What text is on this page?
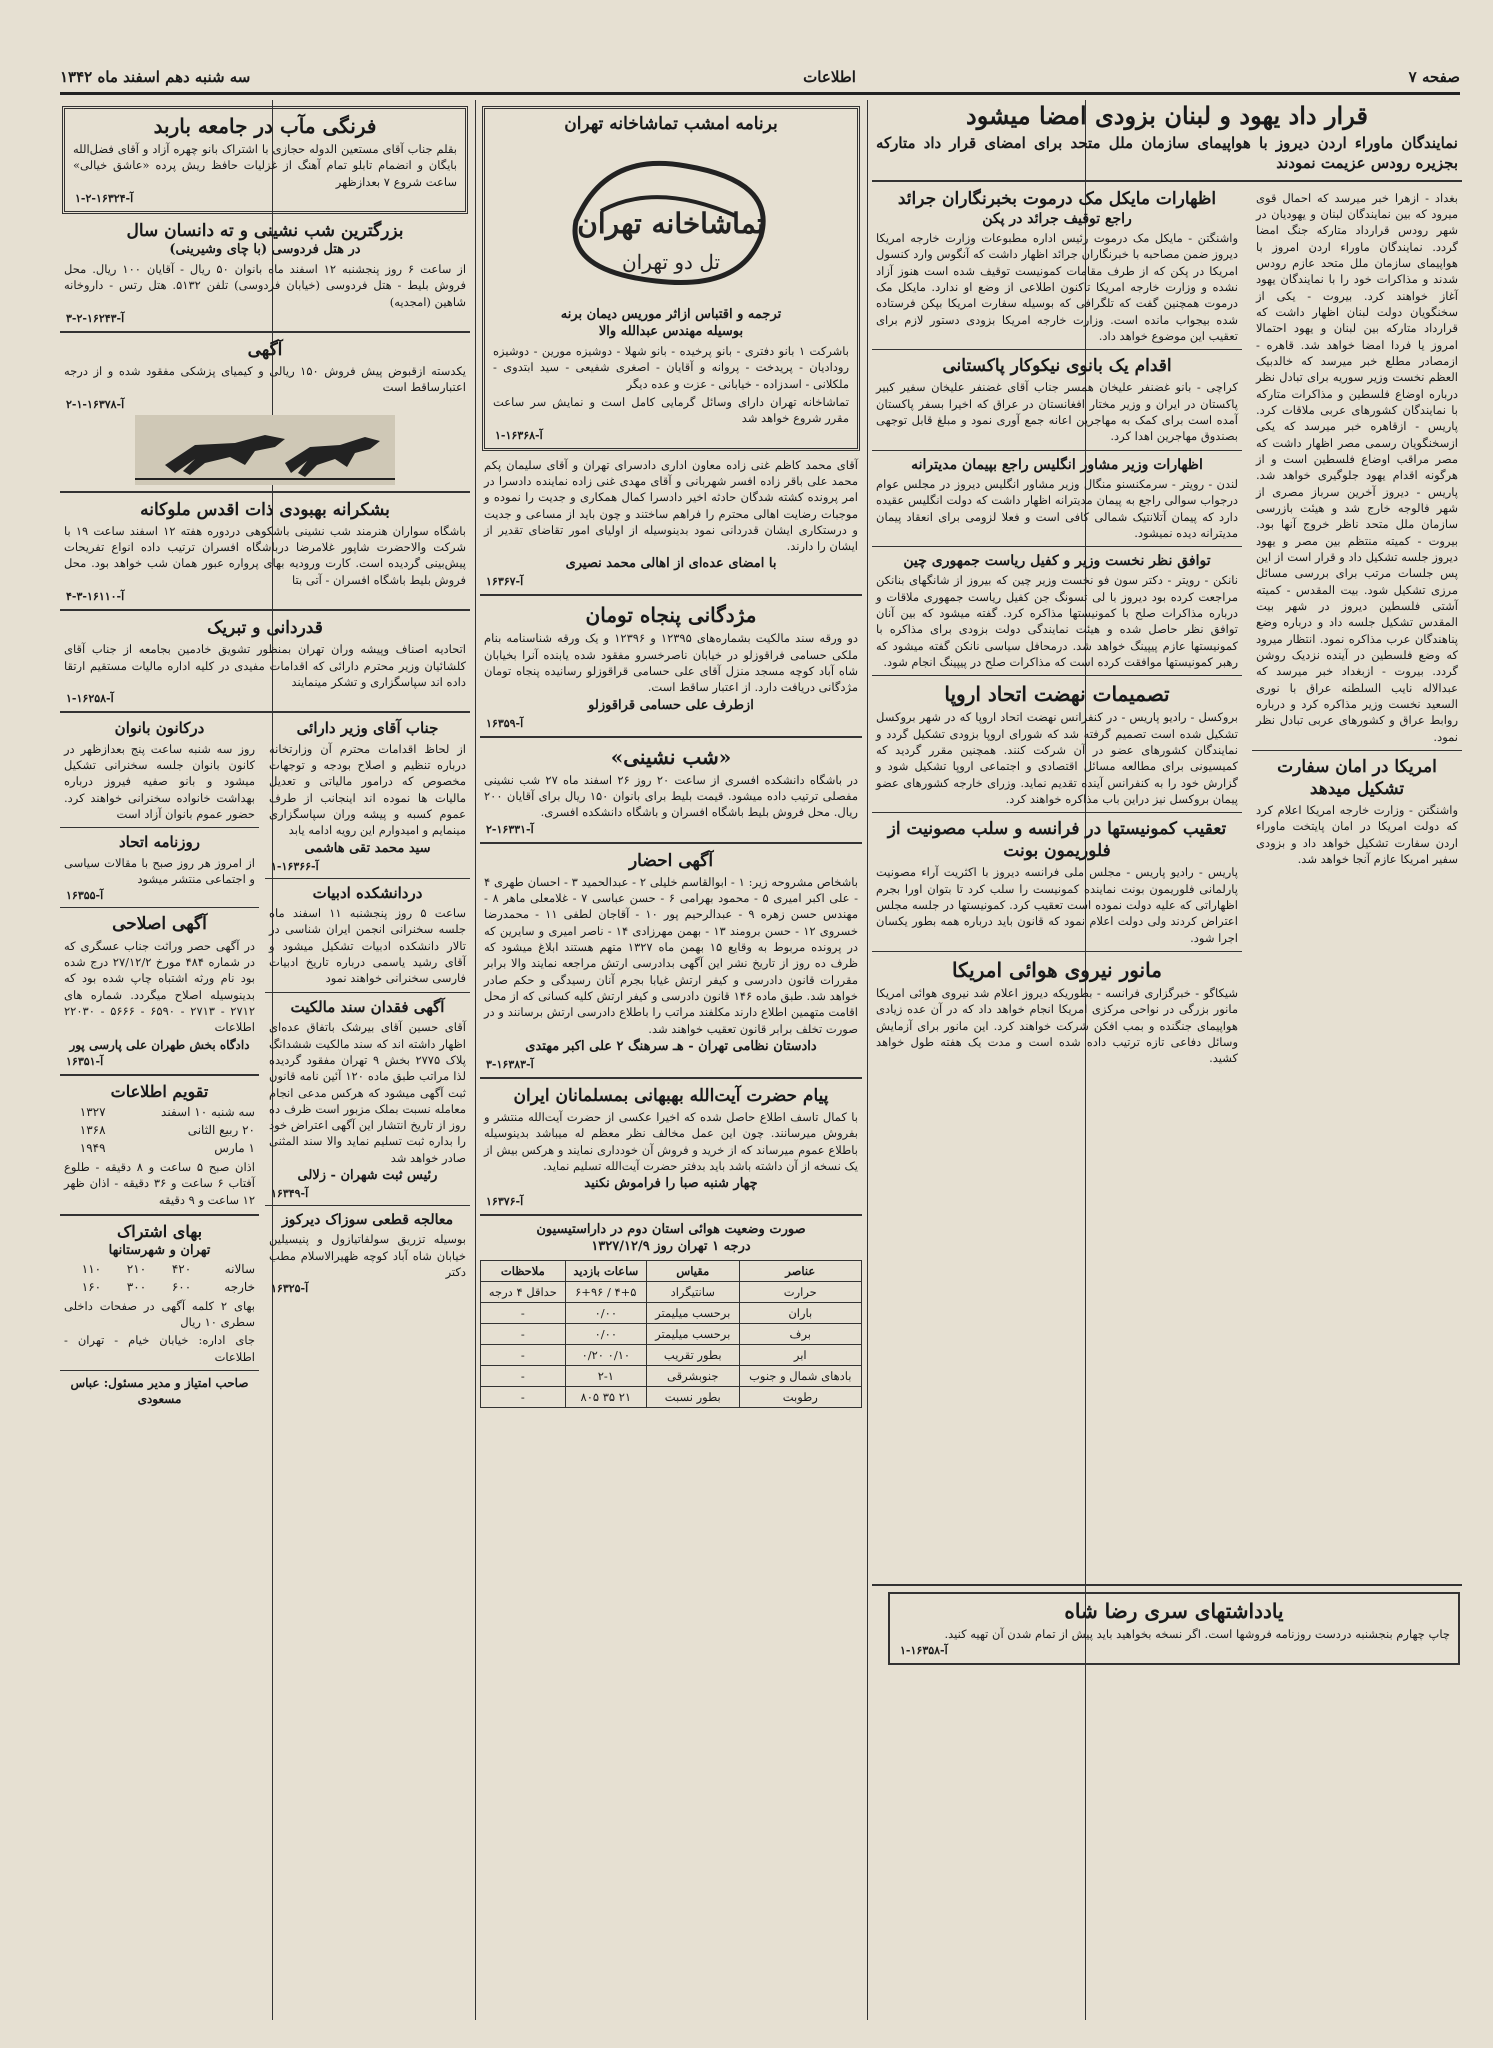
صفحه ۷
اطلاعات
سه شنبه دهم اسفند ماه ۱۳۴۲
قرار داد یهود و لبنان بزودی امضا میشود
نمایندگان ماوراء اردن دیروز با هواپیمای سازمان ملل متحد برای امضای قرار داد متارکه بجزیره رودس عزیمت نمودند
بغداد - ازهرا خبر میرسد که احمال قوی میرود که بین نمایندگان لبنان و یهودیان در شهر رودس قرارداد متارکه جنگ امضا گردد. نمایندگان ماوراء اردن امروز با هواپیمای سازمان ملل متحد عازم رودس شدند و مذاکرات خود را با نمایندگان یهود آغاز خواهند کرد. بیروت - یکی از سخنگویان دولت لبنان اظهار داشت که قرارداد متارکه بین لبنان و یهود احتمالا امروز یا فردا امضا خواهد شد. قاهره - ازمصادر مطلع خبر میرسد که خالدبیک العظم نخست وزیر سوریه برای تبادل نظر درباره اوضاع فلسطین و مذاکرات متارکه با نمایندگان کشورهای عربی ملاقات کرد. پاریس - ازقاهره خبر میرسد که یکی ازسخنگویان رسمی مصر اظهار داشت که مصر مراقب اوضاع فلسطین است و از هرگونه اقدام یهود جلوگیری خواهد شد. پاریس - دیروز آخرین سرباز مصری از شهر فالوجه خارج شد و هیئت بازرسی سازمان ملل متحد ناظر خروج آنها بود. بیروت - کمیته منتظم بین مصر و یهود دیروز جلسه تشکیل داد و قرار است از این پس جلسات مرتب برای بررسی مسائل مرزی تشکیل شود. بیت المقدس - کمیته آشتی فلسطین دیروز در شهر بیت المقدس تشکیل جلسه داد و درباره وضع پناهندگان عرب مذاکره نمود. انتظار میرود که وضع فلسطین در آینده نزدیک روشن گردد. بیروت - ازبغداد خبر میرسد که عبدالاله نایب السلطنه عراق با نوری السعید نخست وزیر مذاکره کرد و درباره روابط عراق و کشورهای عربی تبادل نظر نمود.
امریکا در امان سفارت تشکیل میدهد
واشنگتن - وزارت خارجه امریکا اعلام کرد که دولت امریکا در امان پایتخت ماوراء اردن سفارت تشکیل خواهد داد و بزودی سفیر امریکا عازم آنجا خواهد شد.
اظهارات مایکل مک درموت بخبرنگاران جرائد
راجع توقیف جرائد در پکن
واشنگتن - مایکل مک درموت رئیس اداره مطبوعات وزارت خارجه امریکا دیروز ضمن مصاحبه با خبرنگاران جرائد اظهار داشت که آنگوس وارد کنسول امریکا در پکن که از طرف مقامات کمونیست توقیف شده است هنوز آزاد نشده و وزارت خارجه امریکا تاکنون اطلاعی از وضع او ندارد. مایکل مک درموت همچنین گفت که تلگرافی که بوسیله سفارت امریکا بپکن فرستاده شده بیجواب مانده است. وزارت خارجه امریکا بزودی دستور لازم برای تعقیب این موضوع خواهد داد.
اقدام یک بانوی نیکوکار پاکستانی
کراچی - بانو غضنفر علیخان همسر جناب آقای غضنفر علیخان سفیر کبیر پاکستان در ایران و وزیر مختار افغانستان در عراق که اخیرا بسفر پاکستان آمده است برای کمک به مهاجرین اعانه جمع آوری نمود و مبلغ قابل توجهی بصندوق مهاجرین اهدا کرد.
اظهارات وزیر مشاور انگلیس راجع بپیمان مدیترانه
لندن - رویتر - سرمکنسنو منگال وزیر مشاور انگلیس دیروز در مجلس عوام درجواب سوالی راجع به پیمان مدیترانه اظهار داشت که دولت انگلیس عقیده دارد که پیمان آتلانتیک شمالی کافی است و فعلا لزومی برای انعقاد پیمان مدیترانه دیده نمیشود.
توافق نظر نخست وزیر و کفیل ریاست جمهوری چین
نانکن - رویتر - دکتر سون فو نخست وزیر چین که بیروز از شانگهای بنانکن مراجعت کرده بود دیروز با لی تسونگ جن کفیل ریاست جمهوری ملاقات و درباره مذاکرات صلح با کمونیستها مذاکره کرد. گفته میشود که بین آنان توافق نظر حاصل شده و هیئت نمایندگی دولت بزودی برای مذاکره با کمونیستها عازم پیپینگ خواهد شد. درمحافل سیاسی نانکن گفته میشود که رهبر کمونیستها موافقت کرده است که مذاکرات صلح در پیپینگ انجام شود.
تصمیمات نهضت اتحاد اروپا
بروکسل - رادیو پاریس - در کنفرانس نهضت اتحاد اروپا که در شهر بروکسل تشکیل شده است تصمیم گرفته شد که شورای اروپا بزودی تشکیل گردد و نمایندگان کشورهای عضو در آن شرکت کنند. همچنین مقرر گردید که کمیسیونی برای مطالعه مسائل اقتصادی و اجتماعی اروپا تشکیل شود و گزارش خود را به کنفرانس آینده تقدیم نماید. وزرای خارجه کشورهای عضو پیمان بروکسل نیز دراین باب مذاکره خواهند کرد.
تعقیب کمونیستها در فرانسه و سلب مصونیت از فلوریمون بونت
پاریس - رادیو پاریس - مجلس ملی فرانسه دیروز با اکثریت آراء مصونیت پارلمانی فلوریمون بونت نماینده کمونیست را سلب کرد تا بتوان اورا بجرم اظهاراتی که علیه دولت نموده است تعقیب کرد. کمونیستها در جلسه مجلس اعتراض کردند ولی دولت اعلام نمود که قانون باید درباره همه بطور یکسان اجرا شود.
مانور نیروی هوائی امریکا
شیکاگو - خبرگزاری فرانسه - بطوریکه دیروز اعلام شد نیروی هوائی امریکا مانور بزرگی در نواحی مرکزی امریکا انجام خواهد داد که در آن عده زیادی هواپیمای جنگنده و بمب افکن شرکت خواهند کرد. این مانور برای آزمایش وسائل دفاعی تازه ترتیب داده شده است و مدت یک هفته طول خواهد کشید.
یادداشتهای سری رضا شاه
چاپ چهارم بنجشنبه دردست روزنامه فروشها است. اگر نسخه بخواهید باید پیش از تمام شدن آن تهیه کنید.
آ-۱۶۳۵۸-۱
برنامه امشب تماشاخانه تهران
تماشاخانه تهران
تل دو تهران
ترجمه و اقتباس ازاثر موریس دیمان برنه
بوسیله مهندس عبدالله والا
باشرکت ۱ بانو دفتری - بانو پرخیده - بانو شهلا - دوشیزه مورین - دوشیزه رودادیان - پریدخت - پروانه و آقایان - اصغری شفیعی - سید ابتدوی - ملکلانی - اسدزاده - خیابانی - عزت و عده دیگر
تماشاخانه تهران دارای وسائل گرمایی کامل است و نمایش سر ساعت مقرر شروع خواهد شد
آ-۱۶۳۶۸-۱
آقای محمد کاظم غنی زاده معاون اداری دادسرای تهران و آقای سلیمان پکم محمد علی باقر زاده افسر شهربانی و آقای مهدی غنی زاده نماینده دادسرا در امر پرونده کشته شدگان حادثه اخیر دادسرا کمال همکاری و جدیت را نموده و موجبات رضایت اهالی محترم را فراهم ساختند و چون باید از مساعی و جدیت و درستکاری ایشان قدردانی نمود بدینوسیله از اولیای امور تقاضای تقدیر از ایشان را دارند.
با امضای عده‌ای از اهالی محمد نصیری
آ-۱۶۳۶۷
مژدگانی پنجاه تومان
دو ورقه سند مالکیت بشماره‌های ۱۲۳۹۵ و ۱۲۳۹۶ و یک ورقه شناسنامه بنام ملکی حسامی فراقوزلو در خیابان ناصرخسرو مفقود شده یابنده آنرا بخیابان شاه آباد کوچه مسجد منزل آقای علی حسامی قراقوزلو رسانیده پنجاه تومان مژدگانی دریافت دارد. از اعتبار ساقط است.
ازطرف علی حسامی قراقوزلو
آ-۱۶۳۵۹
«شب نشینی»
در باشگاه دانشکده افسری از ساعت ۲۰ روز ۲۶ اسفند ماه ۲۷ شب نشینی مفصلی ترتیب داده میشود. قیمت بلیط برای بانوان ۱۵۰ ریال برای آقایان ۲۰۰ ریال. محل فروش بلیط باشگاه افسران و باشگاه دانشکده افسری.
آ-۱۶۳۳۱-۲
آگهی احضار
باشخاص مشروحه زیر: ۱ - ابوالقاسم خلیلی ۲ - عبدالحمید ۳ - احسان طهری ۴ - علی اکبر امیری ۵ - محمود بهرامی ۶ - حسن عباسی ۷ - غلامعلی ماهر ۸ - مهندس حسن زهره ۹ - عبدالرحیم پور ۱۰ - آقاجان لطفی ۱۱ - محمدرضا خسروی ۱۲ - حسن برومند ۱۳ - بهمن مهرزادی ۱۴ - ناصر امیری و سایرین که در پرونده مربوط به وقایع ۱۵ بهمن ماه ۱۳۲۷ متهم هستند ابلاغ میشود که ظرف ده روز از تاریخ نشر این آگهی بدادرسی ارتش مراجعه نمایند والا برابر مقررات قانون دادرسی و کیفر ارتش غیابا بجرم آنان رسیدگی و حکم صادر خواهد شد. طبق ماده ۱۴۶ قانون دادرسی و کیفر ارتش کلیه کسانی که از محل اقامت متهمین اطلاع دارند مکلفند مراتب را باطلاع دادرسی ارتش برسانند و در صورت تخلف برابر قانون تعقیب خواهند شد.
دادستان نظامی تهران - هـ سرهنگ ۲ علی اکبر مهتدی
آ-۱۶۳۸۳-۳
پیام حضرت آیت‌الله بهبهانی بمسلمانان ایران
با کمال تاسف اطلاع حاصل شده که اخیرا عکسی از حضرت آیت‌الله منتشر و بفروش میرسانند. چون این عمل مخالف نظر معظم له میباشد بدینوسیله باطلاع عموم میرساند که از خرید و فروش آن خودداری نمایند و هرکس بیش از یک نسخه از آن داشته باشد باید بدفتر حضرت آیت‌الله تسلیم نماید.
چهار شنبه صبا را فراموش نکنید
آ-۱۶۳۷۶
صورت وضعیت هوائی استان دوم در داراستیسیون
درجه ۱ تهران روز ۱۳۲۷/۱۲/۹
عناصر	مقیاس	ساعات بازدید	ملاحظات
حرارت	سانتیگراد	۴+۵ / ۶+۹۶	حداقل ۴ درجه
باران	برحسب میلیمتر	۰/۰۰	-
برف	برحسب میلیمتر	۰/۰۰	-
ابر	بطور تقریب	۰/۱۰ ۰/۲۰	-
بادهای شمال و جنوب	جنوبشرقی	۲-۱	-
رطوبت	بطور نسبت	۲۱ ۳۵ ۸۰۵	-
فرنگی مآب در جامعه باربد
بقلم جناب آقای مستعین الدوله حجازی با اشتراک بانو چهره آزاد و آقای فضل‌الله بایگان و انضمام تابلو تمام آهنگ از غزلیات حافظ ریش پرده «عاشق خیالی» ساعت شروع ۷ بعدازظهر
آ-۱۶۳۲۴-۲-۱
بزرگترین شب نشینی و ته دانسان سال
در هتل فردوسی (با چای وشیرینی)
از ساعت ۶ روز پنجشنبه ۱۲ اسفند ماه بانوان ۵۰ ریال - آقایان ۱۰۰ ریال. محل فروش بلیط - هتل فردوسی (خیابان فردوسی) تلفن ۵۱۳۲. هتل رتس - داروخانه شاهین (امجدیه)
آ-۱۶۲۴۳-۲-۳
آگهی
یکدسته ازقبوض پیش فروش ۱۵۰ ریالی و کیمیای پزشکی مفقود شده و از درجه اعتبارساقط است
آ-۱۶۳۷۸-۱-۲
بشکرانه بهبودی ذات اقدس ملوکانه
باشگاه سواران هنرمند شب نشینی باشکوهی دردوره هفته ۱۲ اسفند ساعت ۱۹ با شرکت والاحضرت شاپور غلامرضا درباشگاه افسران ترتیب داده انواع تفریحات پیش‌بینی گردیده است. کارت ورودیه بهای پرواره عبور همان شب خواهد بود. محل فروش بلیط باشگاه افسران - آتی بتا
آ-۱۶۱۱۰-۳-۴
قدردانی و تبریک
اتحادیه اصناف وپیشه وران تهران بمنظور تشویق خادمین بجامعه از جناب آقای کلشائیان وزیر محترم دارائی که اقدامات مفیدی در کلیه اداره مالیات مستقیم ارتقا داده اند سپاسگزاری و تشکر مینمایند
آ-۱۶۲۵۸-۱
جناب آقای وزیر دارائی
از لحاظ اقدامات محترم آن وزارتخانه درباره تنظیم و اصلاح بودجه و توجهات مخصوص که درامور مالیاتی و تعدیل مالیات ها نموده اند اینجانب از طرف عموم کسبه و پیشه وران سپاسگزاری مینمایم و امیدوارم این رویه ادامه یابد
سید محمد تقی هاشمی
آ-۱۶۳۶۶-۱
دردانشکده ادبیات
ساعت ۵ روز پنجشنبه ۱۱ اسفند ماه جلسه سخنرانی انجمن ایران شناسی در تالار دانشکده ادبیات تشکیل میشود و آقای رشید یاسمی درباره تاریخ ادبیات فارسی سخنرانی خواهند نمود
آگهی فقدان سند مالکیت
آقای حسین آقای بیرشک باتفاق عده‌ای اظهار داشته اند که سند مالکیت ششدانگ پلاک ۲۷۷۵ بخش ۹ تهران مفقود گردیده لذا مراتب طبق ماده ۱۲۰ آئین نامه قانون ثبت آگهی میشود که هرکس مدعی انجام معامله نسبت بملک مزبور است ظرف ده روز از تاریخ انتشار این آگهی اعتراض خود را بداره ثبت تسلیم نماید والا سند المثنی صادر خواهد شد
رئیس ثبت شهران - زلالی
آ-۱۶۳۴۹
معالجه قطعی سوزاک دیرکوز
بوسیله تزریق سولفاتیازول و پنیسیلین خیابان شاه آباد کوچه ظهیرالاسلام مطب دکتر
آ-۱۶۳۲۵
درکانون بانوان
روز سه شنبه ساعت پنج بعدازظهر در کانون بانوان جلسه سخنرانی تشکیل میشود و بانو صفیه فیروز درباره بهداشت خانواده سخنرانی خواهند کرد. حضور عموم بانوان آزاد است
روزنامه اتحاد
از امروز هر روز صبح با مقالات سیاسی و اجتماعی منتشر میشود
آ-۱۶۳۵۵
آگهی اصلاحی
در آگهی حصر وراثت جناب عسگری که در شماره ۴۸۴ مورخ ۲۷/۱۲/۲ درج شده بود نام ورثه اشتباه چاپ شده بود که بدینوسیله اصلاح میگردد. شماره های ۲۷۱۲ - ۲۷۱۳ - ۶۵۹۰ - ۵۶۶۶ - ۲۲۰۳۰ اطلاعات
دادگاه بخش طهران علی پارسی پور
آ-۱۶۳۵۱
تقویم اطلاعات
سه شنبه ۱۰ اسفند	۱۳۲۷
۲۰ ربیع الثانی	۱۳۶۸
۱ مارس	۱۹۴۹
اذان صبح ۵ ساعت و ۸ دقیقه - طلوع آفتاب ۶ ساعت و ۳۶ دقیقه - اذان ظهر ۱۲ ساعت و ۹ دقیقه
بهای اشتراک
تهران و شهرستانها
سالانه	۴۲۰	۲۱۰	۱۱۰
خارجه	۶۰۰	۳۰۰	۱۶۰
بهای ۲ کلمه آگهی در صفحات داخلی سطری ۱۰ ریال
جای اداره: خیابان خیام - تهران - اطلاعات
صاحب امتیاز و مدیر مسئول: عباس مسعودی
